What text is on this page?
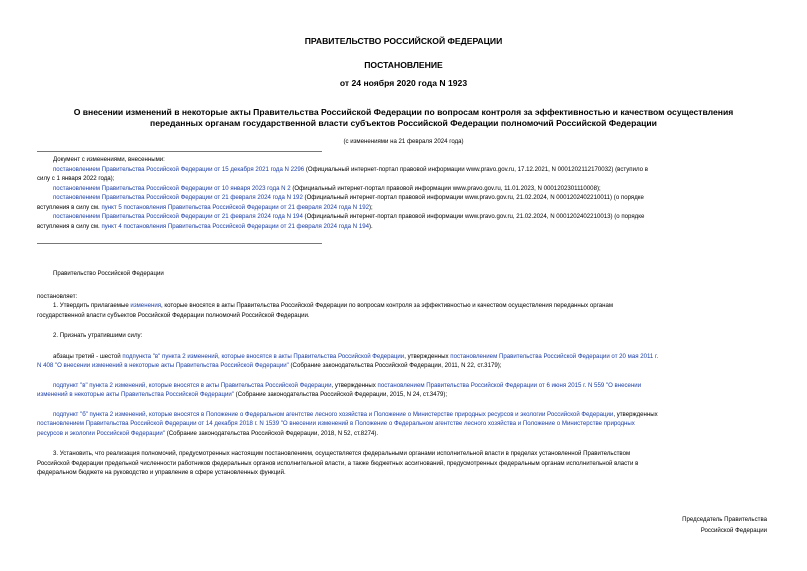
ПРАВИТЕЛЬСТВО РОССИЙСКОЙ ФЕДЕРАЦИИ
ПОСТАНОВЛЕНИЕ
от 24 ноября 2020 года N 1923
О внесении изменений в некоторые акты Правительства Российской Федерации по вопросам контроля за эффективностью и качеством осуществления
переданных органам государственной власти субъектов Российской Федерации полномочий Российской Федерации
(с изменениями на 21 февраля 2024 года)

Документ с изменениями, внесенными:

постановлением Правительства Российской Федерации от 15 декабря 2021 года N 2296 (Официальный интернет-портал правовой информации www.pravo.gov.ru, 17.12.2021, N 0001202112170032) (вступило в

силу с 1 января 2022 года);

постановлением Правительства Российской Федерации от 10 января 2023 года N 2 (Официальный интернет-портал правовой информации www.pravo.gov.ru, 11.01.2023, N 0001202301110008);

постановлением Правительства Российской Федерации от 21 февраля 2024 года N 192 (Официальный интернет-портал правовой информации www.pravo.gov.ru, 21.02.2024, N 0001202402210011) (о порядке

вступления в силу см. пункт 5 постановления Правительства Российской Федерации от 21 февраля 2024 года N 192);

постановлением Правительства Российской Федерации от 21 февраля 2024 года N 194 (Официальный интернет-портал правовой информации www.pravo.gov.ru, 21.02.2024, N 0001202402210013) (о порядке

вступления в силу см. пункт 4 постановления Правительства Российской Федерации от 21 февраля 2024 года N 194).

Правительство Российской Федерации

постановляет:

1. Утвердить прилагаемые изменения, которые вносятся в акты Правительства Российской Федерации по вопросам контроля за эффективностью и качеством осуществления переданных органам

государственной власти субъектов Российской Федерации полномочий Российской Федерации.

2. Признать утратившими силу:

абзацы третий - шестой подпункта "в" пункта 2 изменений, которые вносятся в акты Правительства Российской Федерации, утвержденных постановлением Правительства Российской Федерации от 20 мая 2011 г.

N 408 "О внесении изменений в некоторые акты Правительства Российской Федерации" (Собрание законодательства Российской Федерации, 2011, N 22, ст.3179);

подпункт "в" пункта 2 изменений, которые вносятся в акты Правительства Российской Федерации, утвержденных постановлением Правительства Российской Федерации от 6 июня 2015 г. N 559 "О внесении

изменений в некоторые акты Правительства Российской Федерации" (Собрание законодательства Российской Федерации, 2015, N 24, ст.3479);

подпункт "б" пункта 2 изменений, которые вносятся в Положение о Федеральном агентстве лесного хозяйства и Положение о Министерстве природных ресурсов и экологии Российской Федерации, утвержденных

постановлением Правительства Российской Федерации от 14 декабря 2018 г. N 1539 "О внесении изменений в Положение о Федеральном агентстве лесного хозяйства и Положение о Министерстве природных

ресурсов и экологии Российской Федерации" (Собрание законодательства Российской Федерации, 2018, N 52, ст.8274).

3. Установить, что реализация полномочий, предусмотренных настоящим постановлением, осуществляется федеральными органами исполнительной власти в пределах установленной Правительством

Российской Федерации предельной численности работников федеральных органов исполнительной власти, а также бюджетных ассигнований, предусмотренных федеральным органам исполнительной власти в

федеральном бюджете на руководство и управление в сфере установленных функций.

Председатель Правительства

Российской Федерации
